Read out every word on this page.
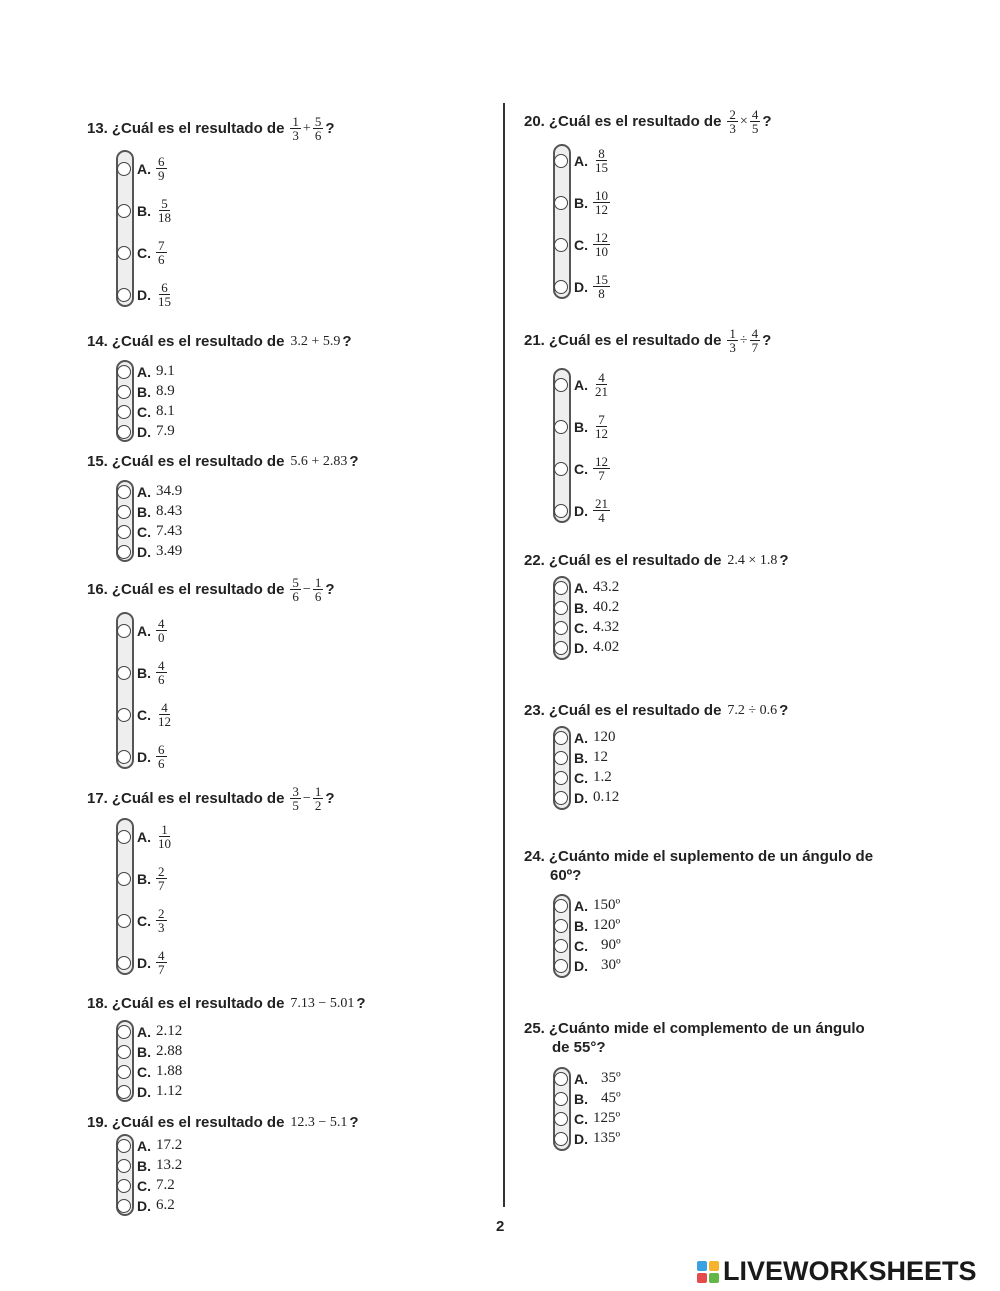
13. ¿Cuál es el resultado de $\frac{1}{3} + \frac{5}{6}$ ?
A. $\frac{6}{9}$
B. $\frac{5}{18}$
C. $\frac{7}{6}$
D. $\frac{6}{15}$
14. ¿Cuál es el resultado de 3.2 + 5.9 ?
A. 9.1
B. 8.9
C. 8.1
D. 7.9
15. ¿Cuál es el resultado de 5.6 + 2.83 ?
A. 34.9
B. 8.43
C. 7.43
D. 3.49
16. ¿Cuál es el resultado de $\frac{5}{6} - \frac{1}{6}$ ?
A. $\frac{4}{0}$
B. $\frac{4}{6}$
C. $\frac{4}{12}$
D. $\frac{6}{6}$
17. ¿Cuál es el resultado de $\frac{3}{5} - \frac{1}{2}$ ?
A. $\frac{1}{10}$
B. $\frac{2}{7}$
C. $\frac{2}{3}$
D. $\frac{4}{7}$
18. ¿Cuál es el resultado de 7.13 − 5.01 ?
A. 2.12
B. 2.88
C. 1.88
D. 1.12
19. ¿Cuál es el resultado de 12.3 − 5.1 ?
A. 17.2
B. 13.2
C. 7.2
D. 6.2
20. ¿Cuál es el resultado de $\frac{2}{3} \times \frac{4}{5}$ ?
A. $\frac{8}{15}$
B. $\frac{10}{12}$
C. $\frac{12}{10}$
D. $\frac{15}{8}$
21. ¿Cuál es el resultado de $\frac{1}{3} \div \frac{4}{7}$ ?
A. $\frac{4}{21}$
B. $\frac{7}{12}$
C. $\frac{12}{7}$
D. $\frac{21}{4}$
22. ¿Cuál es el resultado de 2.4 × 1.8 ?
A. 43.2
B. 40.2
C. 4.32
D. 4.02
23. ¿Cuál es el resultado de 7.2 ÷ 0.6 ?
A. 120
B. 12
C. 1.2
D. 0.12
24. ¿Cuánto mide el suplemento de un ángulo de
60º?
A. 150º
B. 120º
C. 90º
D. 30º
25. ¿Cuánto mide el complemento de un ángulo
de 55°?
A. 35º
B. 45º
C. 125º
D. 135º
2
LIVEWORKSHEETS
